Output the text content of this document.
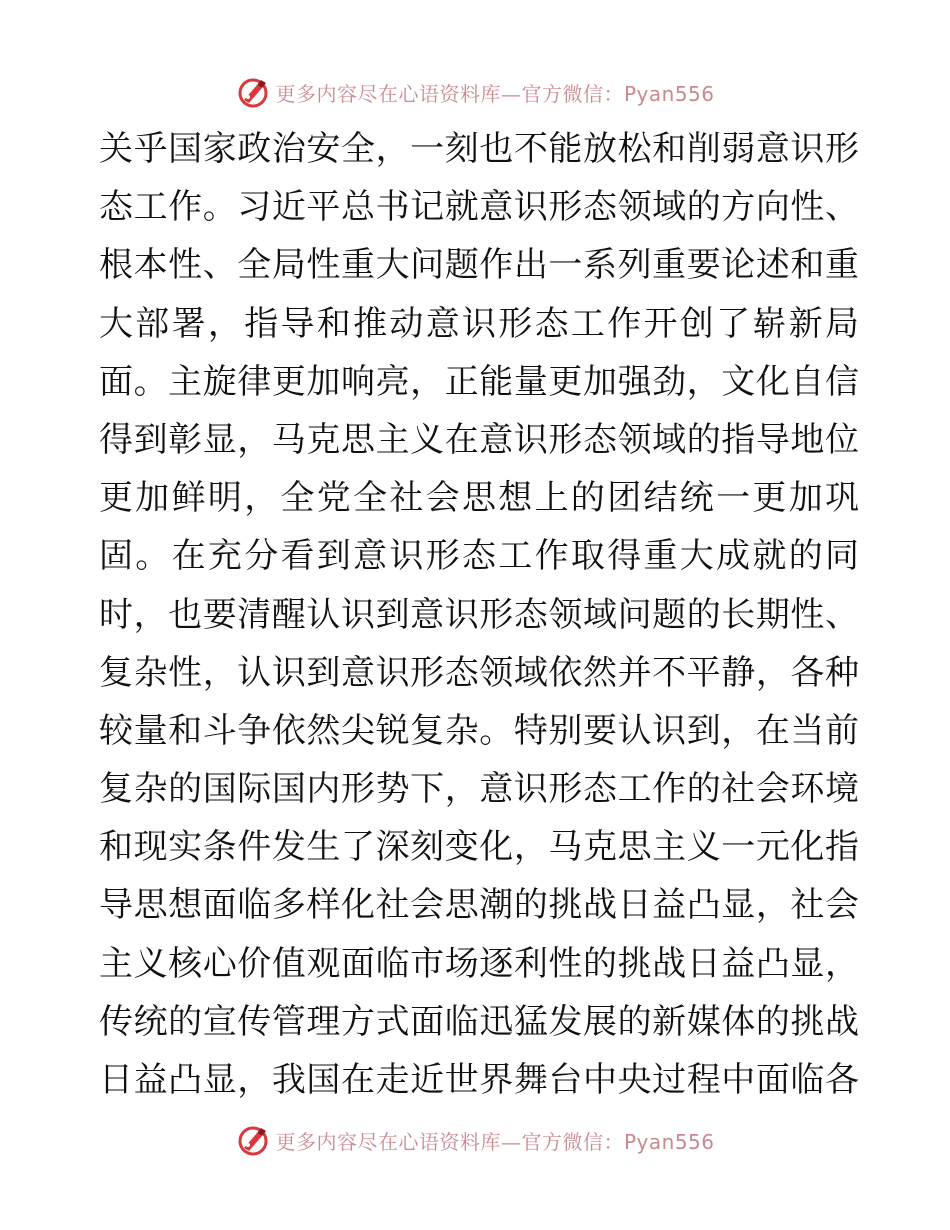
更多内容尽在心语资料库—官方微信：Pyan556
关乎国家政治安全，一刻也不能放松和削弱意识形
态工作。习近平总书记就意识形态领域的方向性、
根本性、全局性重大问题作出一系列重要论述和重
大部署，指导和推动意识形态工作开创了崭新局
面。主旋律更加响亮，正能量更加强劲，文化自信
得到彰显，马克思主义在意识形态领域的指导地位
更加鲜明，全党全社会思想上的团结统一更加巩
固。在充分看到意识形态工作取得重大成就的同
时，也要清醒认识到意识形态领域问题的长期性、
复杂性，认识到意识形态领域依然并不平静，各种
较量和斗争依然尖锐复杂。特别要认识到，在当前
复杂的国际国内形势下，意识形态工作的社会环境
和现实条件发生了深刻变化，马克思主义一元化指
导思想面临多样化社会思潮的挑战日益凸显，社会
主义核心价值观面临市场逐利性的挑战日益凸显，
传统的宣传管理方式面临迅猛发展的新媒体的挑战
日益凸显，我国在走近世界舞台中央过程中面临各
更多内容尽在心语资料库—官方微信：Pyan556
